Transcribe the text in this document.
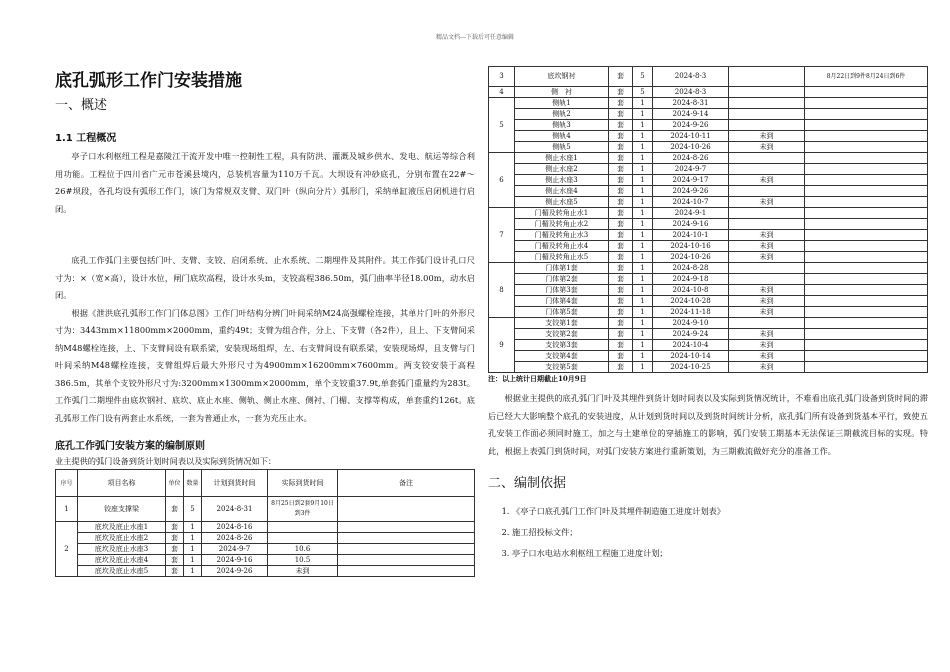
精品文档---下载后可任意编辑
底孔弧形工作门安装措施
一、概述
1.1 工程概况

亭子口水利枢纽工程是嘉陵江干流开发中唯一控制性工程，具有防洪、灌溉及城乡供水、发电、航运等综合利用功能。工程位于四川省广元市苍溪县境内，总装机容量为110万千瓦。大坝设有冲砂底孔，分别布置在22#～26#坝段，各孔均设有弧形工作门，该门为常规双支臂、双门叶（纵向分片）弧形门，采纳单缸液压启闭机进行启闭。

底孔工作弧门主要包括门叶、支臂、支铰、启闭系统、止水系统、二期埋件及其附件。其工作弧门设计孔口尺寸为：×（宽×高），设计水位，闸门底坎高程，设计水头m，支铰高程386.50m，弧门曲率半径18.00m，动水启闭。

根据《泄洪底孔弧形工作门门体总图》工作门叶结构分辨门叶间采纳M24高强螺栓连接，其单片门叶的外形尺寸为：3443mm×11800mm×2000mm，重约49t；支臂为组合件，分上、下支臂（各2件），且上、下支臂间采纳M48螺栓连接，上、下支臂间设有联系梁，安装现场组焊，左、右支臂间设有联系梁，安装现场焊，且支臂与门叶间采纳M48螺栓连接，支臂组焊后最大外形尺寸为4900mm×16200mm×7600mm。两支铰安装于高程386.5m，其单个支铰外形尺寸为:3200mm×1300mm×2000mm，单个支铰重37.9t,单套弧门重量约为283t。工作弧门二期埋件由底坎钢衬、底坎、底止水座、侧轨、侧止水座、侧衬、门楣、支撑等构成，单套重约126t。底孔弧形工作门设有两套止水系统，一套为普通止水，一套为充压止水。

底孔工作弧门安装方案的编制原则
业主提供的弧门设备到货计划时间表以及实际到货情况如下：
序号	项目名称	单位	数量	计划到货时间	实际到货时间	备注
1	铰座支撑梁	套	5	2024-8-31	8月25日到2套9月10日到3件	
2	底坎及底止水座1	套	1	2024-8-16		
	底坎及底止水座2	套	1	2024-8-26		
	底坎及底止水座3	套	1	2024-9-7	10.6	
	底坎及底止水座4	套	1	2024-9-16	10.5	
	底坎及底止水座5	套	1	2024-9-26	未到	
3	底坎钢衬	套	5	2024-8-3		8月22日到9件8月24日到6件
4	侧　衬	套	5	2024-8-3		
5	侧轨1	套	1	2024-8-31		
	侧轨2	套	1	2024-9-14		
	侧轨3	套	1	2024-9-26		
	侧轨4	套	1	2024-10-11	未到	
	侧轨5	套	1	2024-10-26	未到	
6	侧止水座1	套	1	2024-8-26		
	侧止水座2	套	1	2024-9-7		
	侧止水座3	套	1	2024-9-17	未到	
	侧止水座4	套	1	2024-9-26		
	侧止水座5	套	1	2024-10-7	未到	
7	门楣及转角止水1	套	1	2024-9-1		
	门楣及转角止水2	套	1	2024-9-16		
	门楣及转角止水3	套	1	2024-10-1	未到	
	门楣及转角止水4	套	1	2024-10-16	未到	
	门楣及转角止水5	套	1	2024-10-26	未到	
8	门体第1套	套	1	2024-8-28		
	门体第2套	套	1	2024-9-18		
	门体第3套	套	1	2024-10-8	未到	
	门体第4套	套	1	2024-10-28	未到	
	门体第5套	套	1	2024-11-18	未到	
9	支铰第1套	套	1	2024-9-10		
	支铰第2套	套	1	2024-9-24	未到	
	支铰第3套	套	1	2024-10-4	未到	
	支铰第4套	套	1	2024-10-14	未到	
	支铰第5套	套	1	2024-10-25	未到	
注：以上统计日期截止10月9日

根据业主提供的底孔弧门门叶及其埋件到货计划时间表以及实际到货情况统计，不难看出底孔弧门设备到货时间的滞后已经大大影响整个底孔的安装进度，从计划到货时间以及到货时间统计分析，底孔弧门所有设备到货基本平行，致使五孔安装工作面必须同时施工，加之与土建单位的穿插施工的影响，弧门安装工期基本无法保证三期截流目标的实现。特此，根据上表弧门到货时间，对弧门安装方案进行重新策划，为三期截流做好充分的准备工作。

二、编制依据
1. 《亭子口底孔弧门工作门叶及其埋件制造施工进度计划表》
2. 施工招投标文件；
3. 亭子口水电站水利枢纽工程施工进度计划；
